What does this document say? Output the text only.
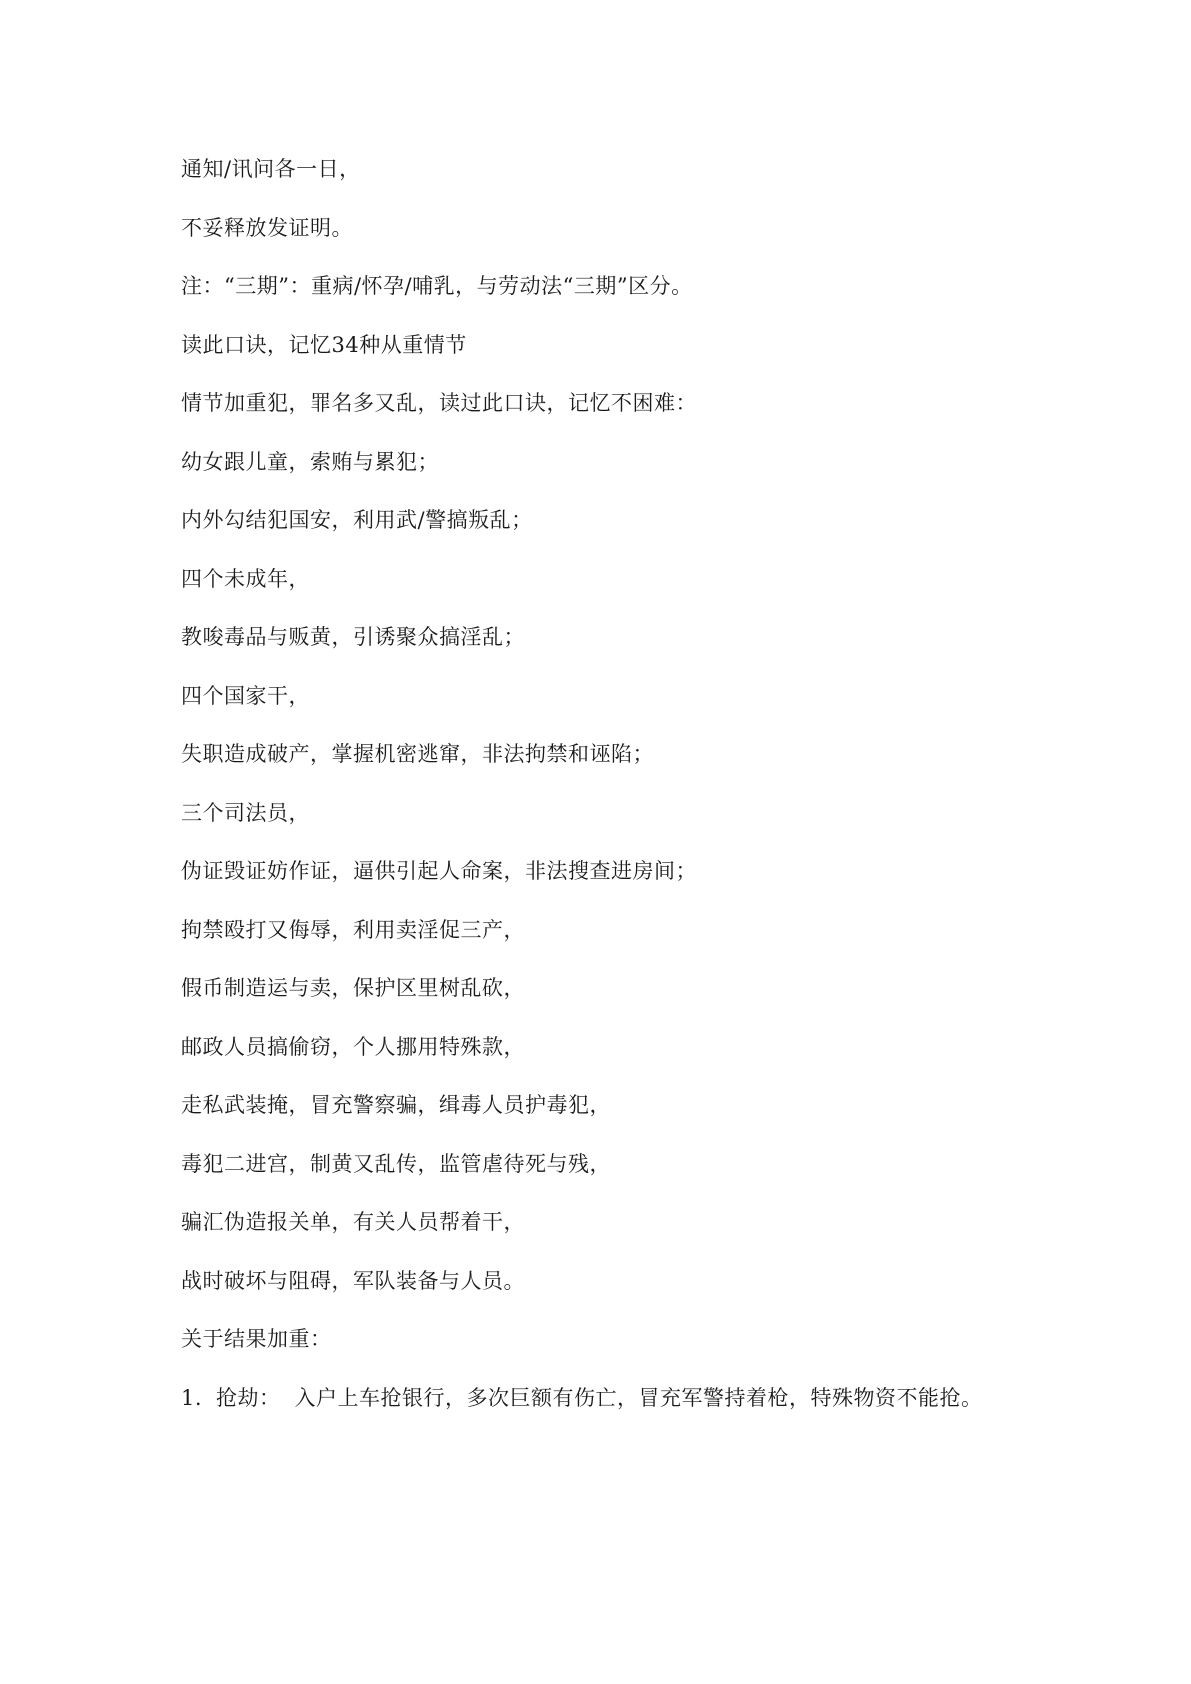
通知/讯问各一日，

不妥释放发证明。

注：“三期”：重病/怀孕/哺乳，与劳动法“三期”区分。

读此口诀，记忆34种从重情节

情节加重犯，罪名多又乱，读过此口诀，记忆不困难：

幼女跟儿童，索贿与累犯；

内外勾结犯国安，利用武/警搞叛乱；

四个未成年，

教唆毒品与贩黄，引诱聚众搞淫乱；

四个国家干，

失职造成破产，掌握机密逃窜，非法拘禁和诬陷；

三个司法员，

伪证毁证妨作证，逼供引起人命案，非法搜查进房间；

拘禁殴打又侮辱，利用卖淫促三产，

假币制造运与卖，保护区里树乱砍，

邮政人员搞偷窃，个人挪用特殊款，

走私武装掩，冒充警察骗，缉毒人员护毒犯，

毒犯二进宫，制黄又乱传，监管虐待死与残，

骗汇伪造报关单，有关人员帮着干，

战时破坏与阻碍，军队装备与人员。

关于结果加重：

1. 抢劫： 入户上车抢银行，多次巨额有伤亡，冒充军警持着枪，特殊物资不能抢。
